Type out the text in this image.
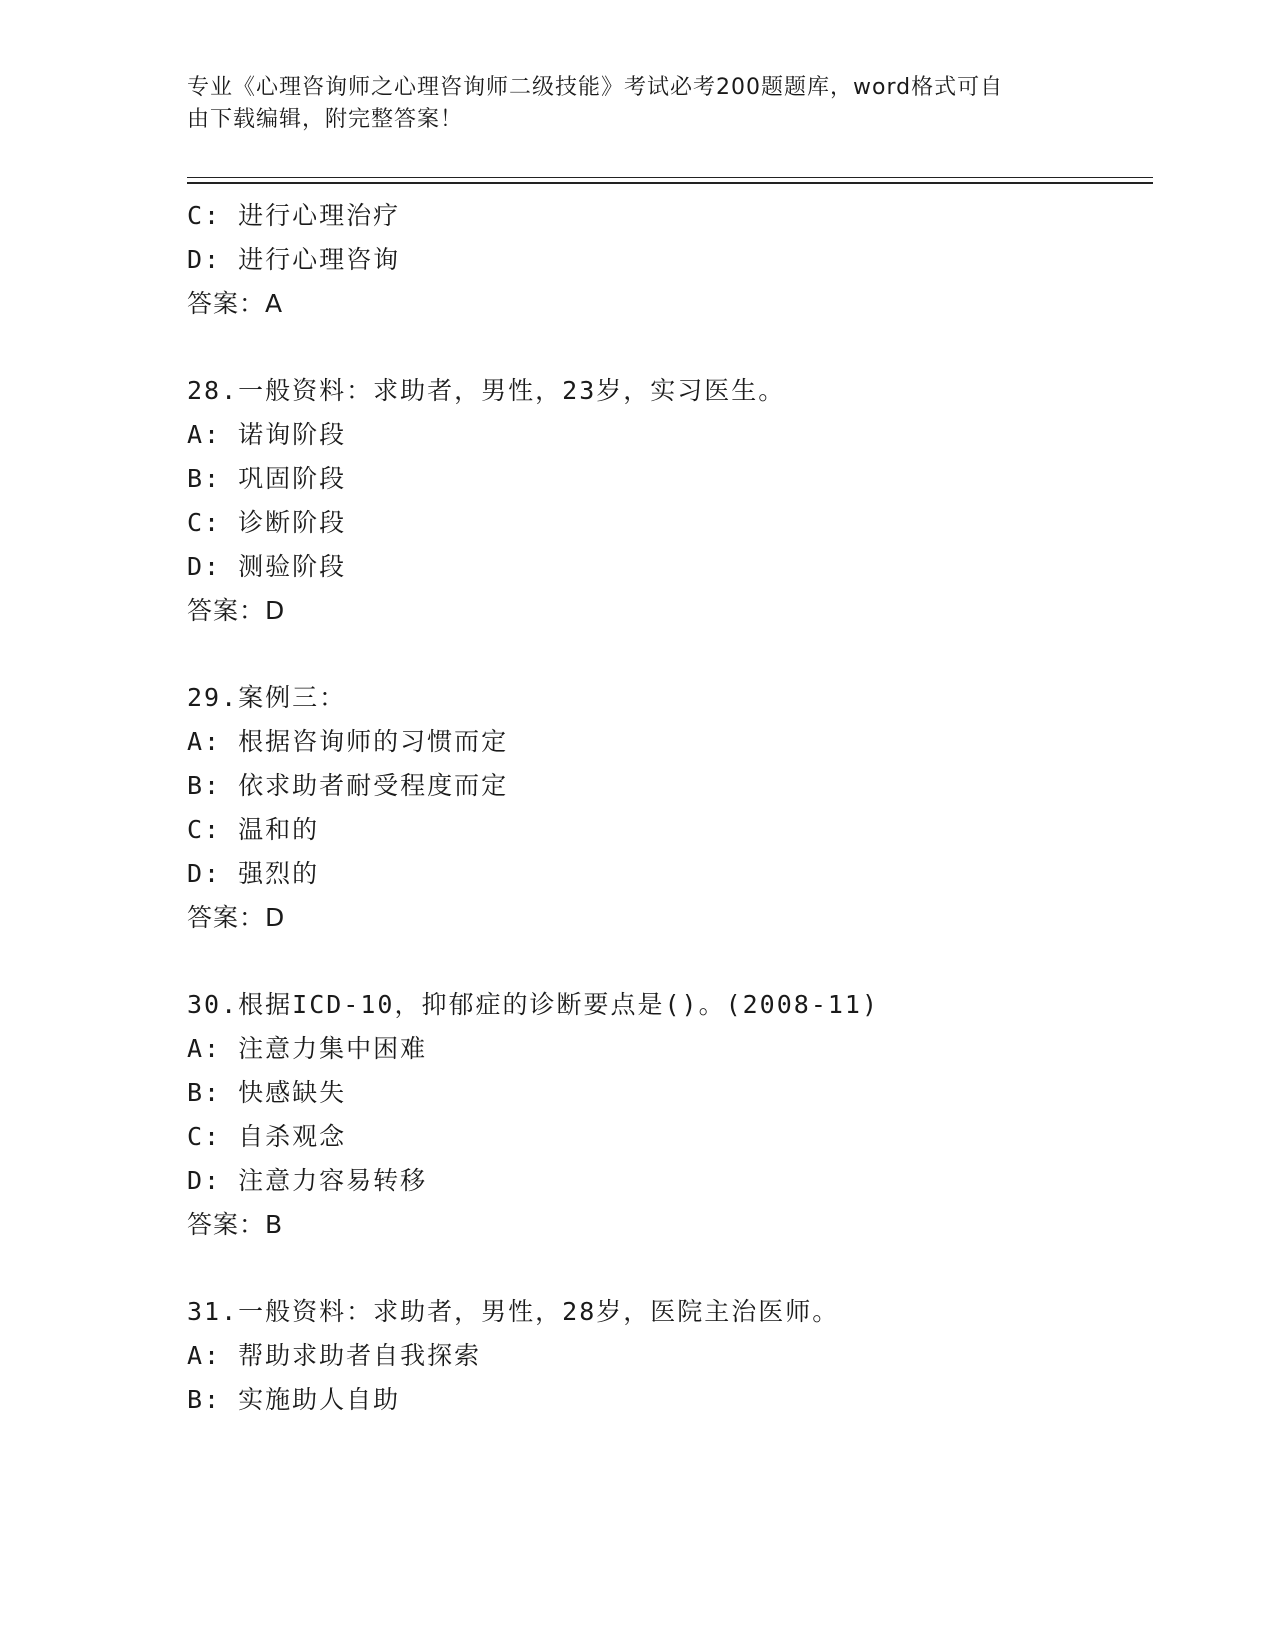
专业《心理咨询师之心理咨询师二级技能》考试必考200题题库，word格式可自
由下载编辑，附完整答案！
C: 进行心理治疗
D: 进行心理咨询
答案：A
28.一般资料：求助者，男性，23岁，实习医生。
A: 诺询阶段
B: 巩固阶段
C: 诊断阶段
D: 测验阶段
答案：D
29.案例三：
A: 根据咨询师的习惯而定
B: 依求助者耐受程度而定
C: 温和的
D: 强烈的
答案：D
30.根据ICD-10，抑郁症的诊断要点是()。(2008-11)
A: 注意力集中困难
B: 快感缺失
C: 自杀观念
D: 注意力容易转移
答案：B
31.一般资料：求助者，男性，28岁，医院主治医师。
A: 帮助求助者自我探索
B: 实施助人自助
